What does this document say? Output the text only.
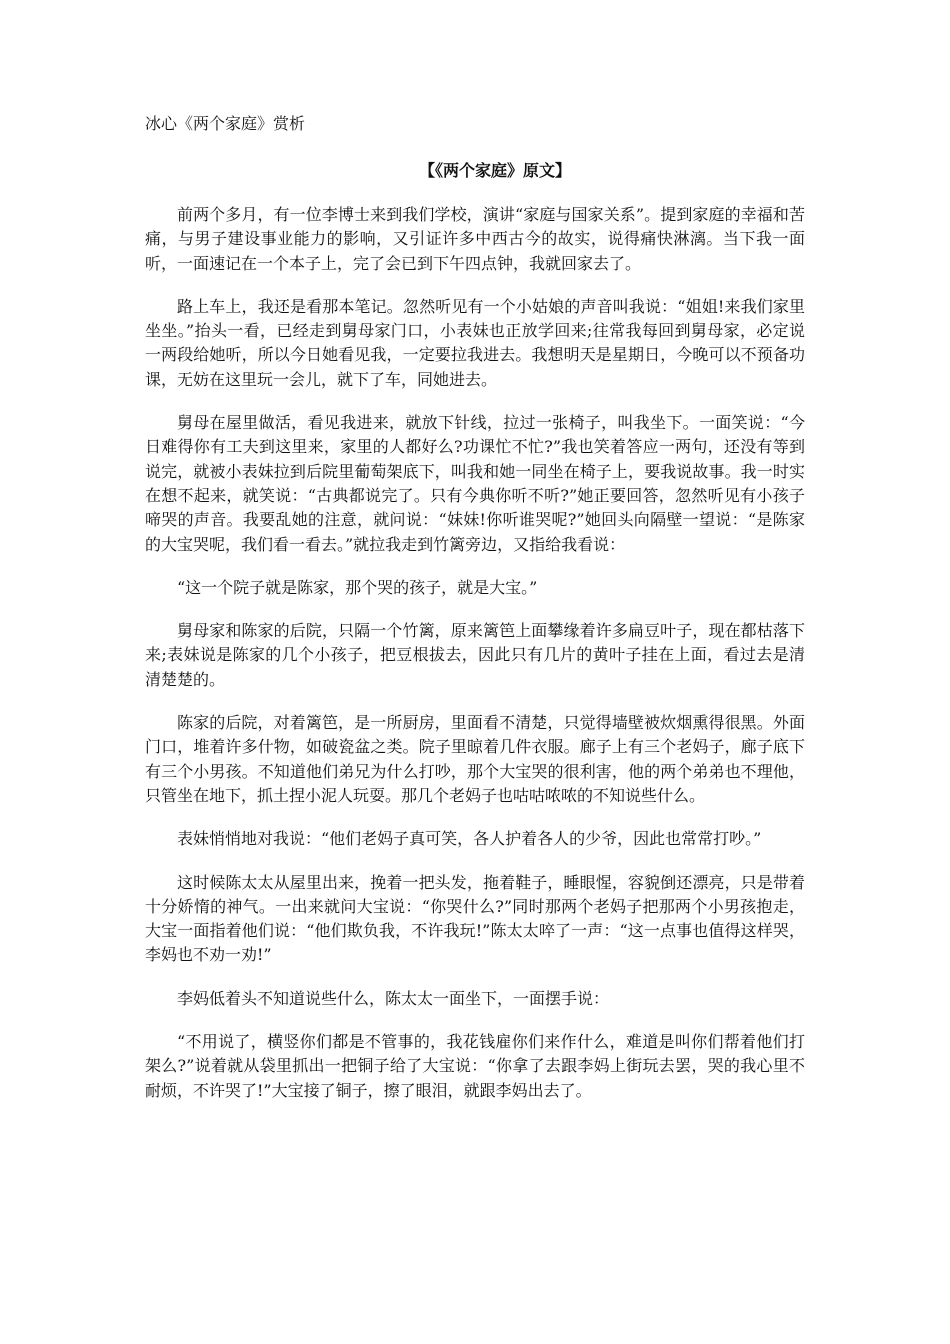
冰心《两个家庭》赏析
【《两个家庭》原文】

前两个多月，有一位李博士来到我们学校，演讲“家庭与国家关系”。提到家庭的幸福和苦痛，与男子建设事业能力的影响，又引证许多中西古今的故实，说得痛快淋漓。当下我一面听，一面速记在一个本子上，完了会已到下午四点钟，我就回家去了。

路上车上，我还是看那本笔记。忽然听见有一个小姑娘的声音叫我说：“姐姐!来我们家里坐坐。”抬头一看，已经走到舅母家门口，小表妹也正放学回来;往常我每回到舅母家，必定说一两段给她听，所以今日她看见我，一定要拉我进去。我想明天是星期日，今晚可以不预备功课，无妨在这里玩一会儿，就下了车，同她进去。

舅母在屋里做活，看见我进来，就放下针线，拉过一张椅子，叫我坐下。一面笑说：“今日难得你有工夫到这里来，家里的人都好么?功课忙不忙?”我也笑着答应一两句，还没有等到说完，就被小表妹拉到后院里葡萄架底下，叫我和她一同坐在椅子上，要我说故事。我一时实在想不起来，就笑说：“古典都说完了。只有今典你听不听?”她正要回答，忽然听见有小孩子啼哭的声音。我要乱她的注意，就问说：“妹妹!你听谁哭呢?”她回头向隔壁一望说：“是陈家的大宝哭呢，我们看一看去。”就拉我走到竹篱旁边，又指给我看说：

“这一个院子就是陈家，那个哭的孩子，就是大宝。”

舅母家和陈家的后院，只隔一个竹篱，原来篱笆上面攀缘着许多扁豆叶子，现在都枯落下来;表妹说是陈家的几个小孩子，把豆根拔去，因此只有几片的黄叶子挂在上面，看过去是清清楚楚的。

陈家的后院，对着篱笆，是一所厨房，里面看不清楚，只觉得墙壁被炊烟熏得很黑。外面门口，堆着许多什物，如破瓷盆之类。院子里晾着几件衣服。廊子上有三个老妈子，廊子底下有三个小男孩。不知道他们弟兄为什么打吵，那个大宝哭的很利害，他的两个弟弟也不理他，只管坐在地下，抓土捏小泥人玩耍。那几个老妈子也咕咕哝哝的不知说些什么。

表妹悄悄地对我说：“他们老妈子真可笑，各人护着各人的少爷，因此也常常打吵。”

这时候陈太太从屋里出来，挽着一把头发，拖着鞋子，睡眼惺，容貌倒还漂亮，只是带着十分娇惰的神气。一出来就问大宝说：“你哭什么?”同时那两个老妈子把那两个小男孩抱走，大宝一面指着他们说：“他们欺负我，不许我玩!”陈太太啐了一声：“这一点事也值得这样哭，李妈也不劝一劝!”

李妈低着头不知道说些什么，陈太太一面坐下，一面摆手说：

“不用说了，横竖你们都是不管事的，我花钱雇你们来作什么，难道是叫你们帮着他们打架么?”说着就从袋里抓出一把铜子给了大宝说：“你拿了去跟李妈上街玩去罢，哭的我心里不耐烦，不许哭了!”大宝接了铜子，擦了眼泪，就跟李妈出去了。
